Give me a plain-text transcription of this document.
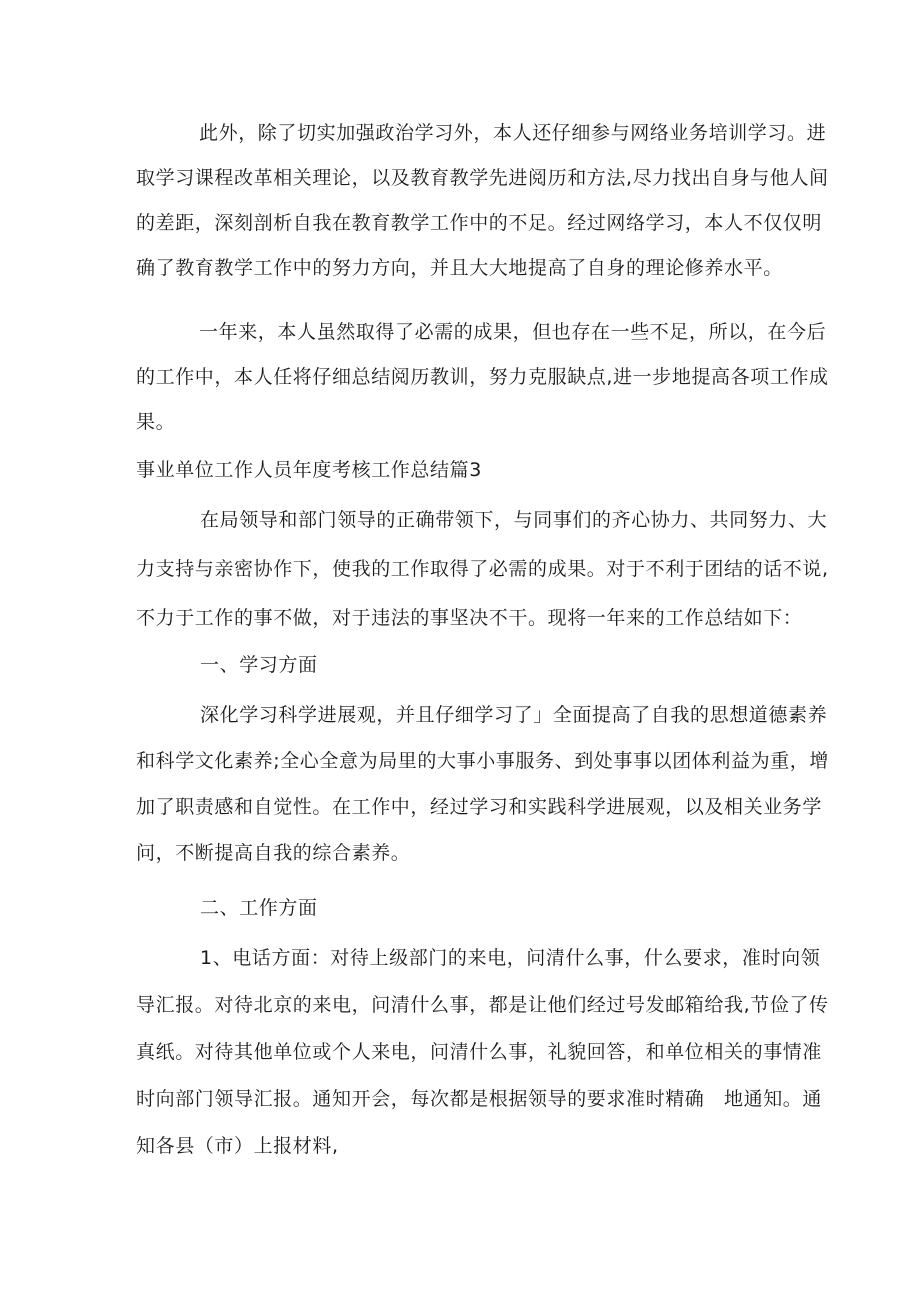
此外，除了切实加强政治学习外，本人还仔细参与网络业务培训学习。进
取学习课程改革相关理论，以及教育教学先进阅历和方法,尽力找出自身与他人间
的差距，深刻剖析自我在教育教学工作中的不足。经过网络学习，本人不仅仅明
确了教育教学工作中的努力方向，并且大大地提高了自身的理论修养水平。
一年来，本人虽然取得了必需的成果，但也存在一些不足，所以，在今后
的工作中，本人任将仔细总结阅历教训，努力克服缺点,进一步地提高各项工作成
果。
事业单位工作人员年度考核工作总结篇3
在局领导和部门领导的正确带领下，与同事们的齐心协力、共同努力、大
力支持与亲密协作下，使我的工作取得了必需的成果。对于不利于团结的话不说,
不力于工作的事不做，对于违法的事坚决不干。现将一年来的工作总结如下：
一、学习方面
深化学习科学进展观，并且仔细学习了」全面提高了自我的思想道德素养
和科学文化素养;全心全意为局里的大事小事服务、到处事事以团体利益为重，增
加了职责感和自觉性。在工作中，经过学习和实践科学进展观，以及相关业务学
问，不断提高自我的综合素养。
二、工作方面
1、电话方面：对待上级部门的来电，问清什么事，什么要求，准时向领
导汇报。对待北京的来电，问清什么事，都是让他们经过号发邮箱给我,节俭了传
真纸。对待其他单位或个人来电，问清什么事，礼貌回答，和单位相关的事情准
时向部门领导汇报。通知开会，每次都是根据领导的要求准时精确　地通知。通
知各县（市）上报材料,
